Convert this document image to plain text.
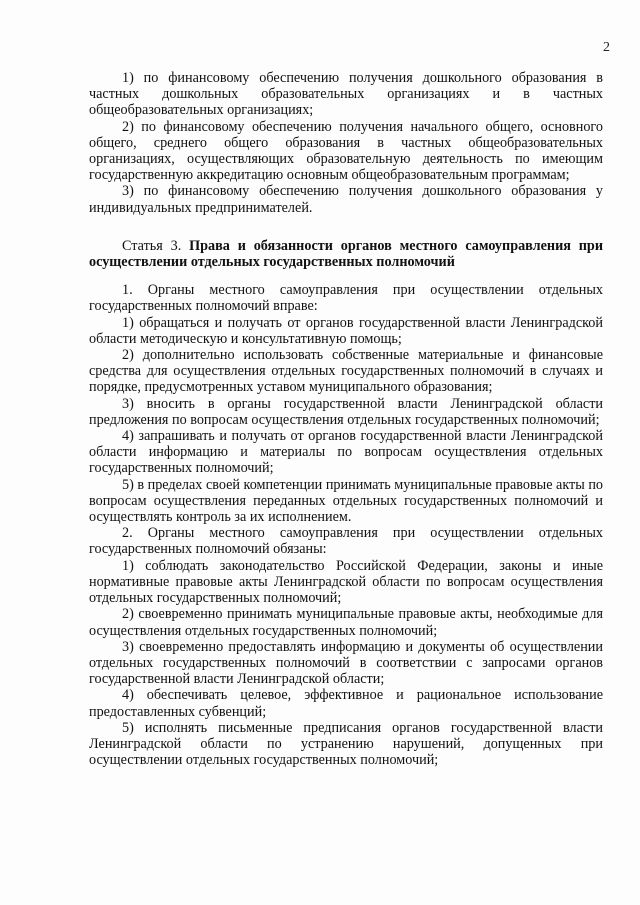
2

1) по финансовому обеспечению получения дошкольного образования в частных дошкольных образовательных организациях и в частных общеобразовательных организациях;

2) по финансовому обеспечению получения начального общего, основного общего, среднего общего образования в частных общеобразовательных организациях, осуществляющих образовательную деятельность по имеющим государственную аккредитацию основным общеобразовательным программам;

3) по финансовому обеспечению получения дошкольного образования у индивидуальных предпринимателей.

Статья 3. Права и обязанности органов местного самоуправления при осуществлении отдельных государственных полномочий

1. Органы местного самоуправления при осуществлении отдельных государственных полномочий вправе:

1) обращаться и получать от органов государственной власти Ленинградской области методическую и консультативную помощь;

2) дополнительно использовать собственные материальные и финансовые средства для осуществления отдельных государственных полномочий в случаях и порядке, предусмотренных уставом муниципального образования;

3) вносить в органы государственной власти Ленинградской области предложения по вопросам осуществления отдельных государственных полномочий;

4) запрашивать и получать от органов государственной власти Ленинградской области информацию и материалы по вопросам осуществления отдельных государственных полномочий;

5) в пределах своей компетенции принимать муниципальные правовые акты по вопросам осуществления переданных отдельных государственных полномочий и осуществлять контроль за их исполнением.

2. Органы местного самоуправления при осуществлении отдельных государственных полномочий обязаны:

1) соблюдать законодательство Российской Федерации, законы и иные нормативные правовые акты Ленинградской области по вопросам осуществления отдельных государственных полномочий;

2) своевременно принимать муниципальные правовые акты, необходимые для осуществления отдельных государственных полномочий;

3) своевременно предоставлять информацию и документы об осуществлении отдельных государственных полномочий в соответствии с запросами органов государственной власти Ленинградской области;

4) обеспечивать целевое, эффективное и рациональное использование предоставленных субвенций;

5) исполнять письменные предписания органов государственной власти Ленинградской области по устранению нарушений, допущенных при осуществлении отдельных государственных полномочий;
